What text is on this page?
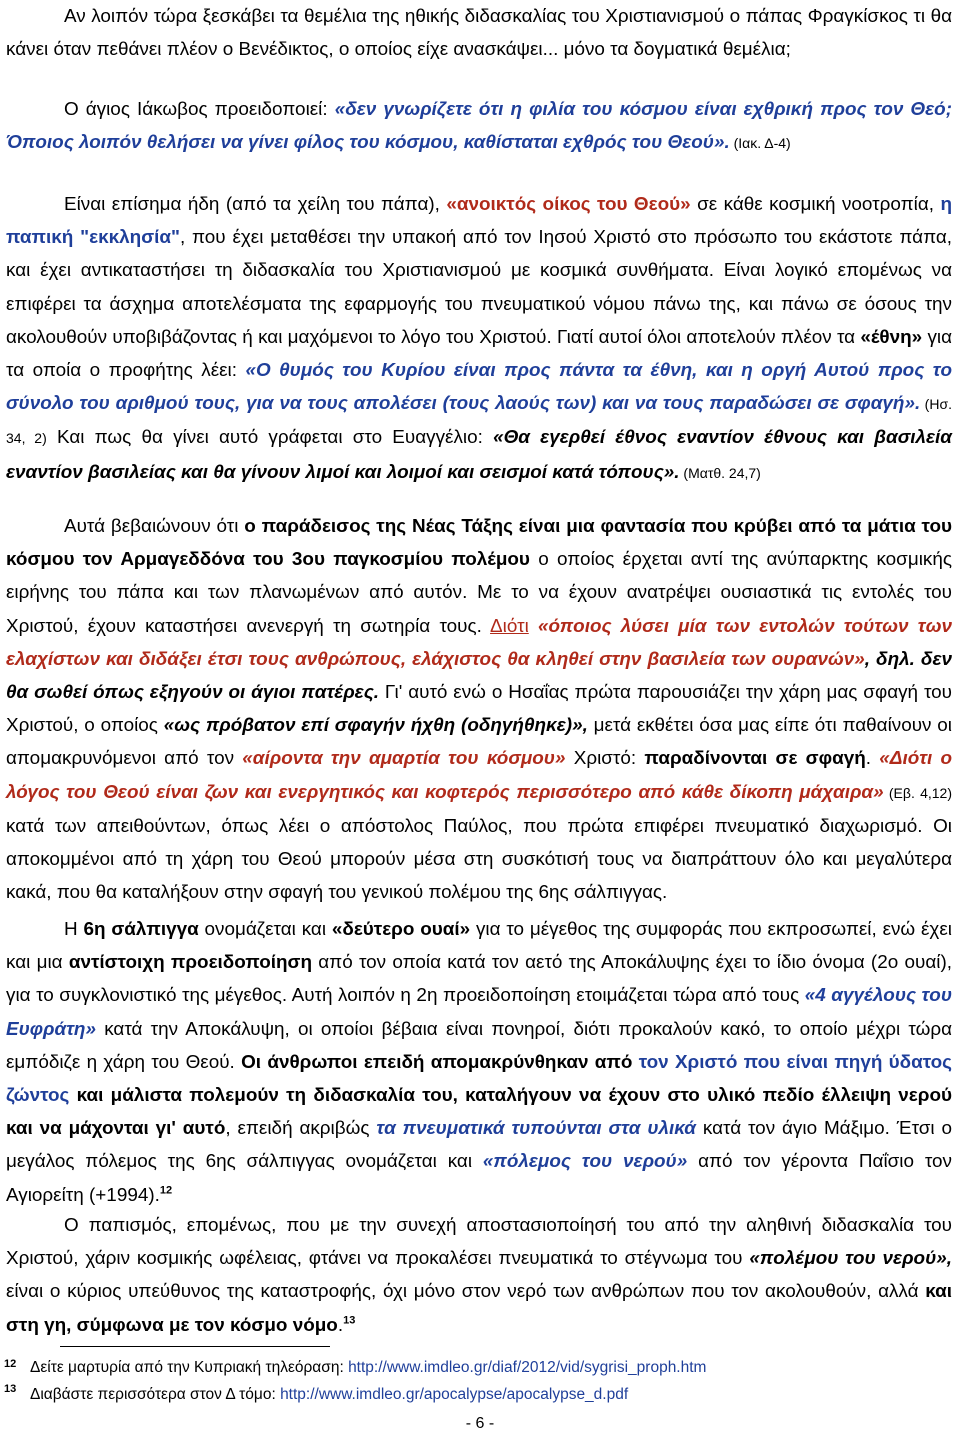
Αν λοιπόν τώρα ξεσκάβει τα θεμέλια της ηθικής διδασκαλίας του Χριστιανισμού ο πάπας Φραγκίσκος τι θα κάνει όταν πεθάνει πλέον ο Βενέδικτος, ο οποίος είχε ανασκάψει... μόνο τα δογματικά θεμέλια;

Ο άγιος Ιάκωβος προειδοποιεί: «δεν γνωρίζετε ότι η φιλία του κόσμου είναι εχθρική προς τον Θεό; Όποιος λοιπόν θελήσει να γίνει φίλος του κόσμου, καθίσταται εχθρός του Θεού». (Ιακ. Δ-4)

Είναι επίσημα ήδη (από τα χείλη του πάπα), «ανοικτός οίκος του Θεού» σε κάθε κοσμική νοοτροπία, η παπική "εκκλησία", που έχει μεταθέσει την υπακοή από τον Ιησού Χριστό στο πρόσωπο του εκάστοτε πάπα, και έχει αντικαταστήσει τη διδασκαλία του Χριστιανισμού με κοσμικά συνθήματα. Είναι λογικό επομένως να επιφέρει τα άσχημα αποτελέσματα της εφαρμογής του πνευματικού νόμου πάνω της, και πάνω σε όσους την ακολουθούν υποβιβάζοντας ή και μαχόμενοι το λόγο του Χριστού. Γιατί αυτοί όλοι αποτελούν πλέον τα «έθνη» για τα οποία ο προφήτης λέει: «Ο θυμός του Κυρίου είναι προς πάντα τα έθνη, και η οργή Αυτού προς το σύνολο του αριθμού τους, για να τους απολέσει (τους λαούς των) και να τους παραδώσει σε σφαγή». (Ησ. 34, 2) Και πως θα γίνει αυτό γράφεται στο Ευαγγέλιο: «Θα εγερθεί έθνος εναντίον έθνους και βασιλεία εναντίον βασιλείας και θα γίνουν λιμοί και λοιμοί και σεισμοί κατά τόπους». (Ματθ. 24,7)

Αυτά βεβαιώνουν ότι ο παράδεισος της Νέας Τάξης είναι μια φαντασία που κρύβει από τα μάτια του κόσμου τον Αρμαγεδδόνα του 3ου παγκοσμίου πολέμου ο οποίος έρχεται αντί της ανύπαρκτης κοσμικής ειρήνης του πάπα και των πλανωμένων από αυτόν. Με το να έχουν ανατρέψει ουσιαστικά τις εντολές του Χριστού, έχουν καταστήσει ανενεργή τη σωτηρία τους. Διότι «όποιος λύσει μία των εντολών τούτων των ελαχίστων και διδάξει έτσι τους ανθρώπους, ελάχιστος θα κληθεί στην βασιλεία των ουρανών», δηλ. δεν θα σωθεί όπως εξηγούν οι άγιοι πατέρες. Γι' αυτό ενώ ο Ησαΐας πρώτα παρουσιάζει την χάρη μας σφαγή του Χριστού, ο οποίος «ως πρόβατον επί σφαγήν ήχθη (οδηγήθηκε)», μετά εκθέτει όσα μας είπε ότι παθαίνουν οι απομακρυνόμενοι από τον «αίροντα την αμαρτία του κόσμου» Χριστό: παραδίνονται σε σφαγή. «Διότι ο λόγος του Θεού είναι ζων και ενεργητικός και κοφτερός περισσότερο από κάθε δίκοπη μάχαιρα» (Εβ. 4,12) κατά των απειθούντων, όπως λέει ο απόστολος Παύλος, που πρώτα επιφέρει πνευματικό διαχωρισμό. Οι αποκομμένοι από τη χάρη του Θεού μπορούν μέσα στη συσκότισή τους να διαπράττουν όλο και μεγαλύτερα κακά, που θα καταλήξουν στην σφαγή του γενικού πολέμου της 6ης σάλπιγγας.

Η 6η σάλπιγγα ονομάζεται και «δεύτερο ουαί» για το μέγεθος της συμφοράς που εκπροσωπεί, ενώ έχει και μια αντίστοιχη προειδοποίηση από τον οποία κατά τον αετό της Αποκάλυψης έχει το ίδιο όνομα (2ο ουαί), για το συγκλονιστικό της μέγεθος. Αυτή λοιπόν η 2η προειδοποίηση ετοιμάζεται τώρα από τους «4 αγγέλους του Ευφράτη» κατά την Αποκάλυψη, οι οποίοι βέβαια είναι πονηροί, διότι προκαλούν κακό, το οποίο μέχρι τώρα εμπόδιζε η χάρη του Θεού. Οι άνθρωποι επειδή απομακρύνθηκαν από τον Χριστό που είναι πηγή ύδατος ζώντος και μάλιστα πολεμούν τη διδασκαλία του, καταλήγουν να έχουν στο υλικό πεδίο έλλειψη νερού και να μάχονται γι' αυτό, επειδή ακριβώς τα πνευματικά τυπούνται στα υλικά κατά τον άγιο Μάξιμο. Έτσι ο μεγάλος πόλεμος της 6ης σάλπιγγας ονομάζεται και «πόλεμος του νερού» από τον γέροντα Παΐσιο τον Αγιορείτη (+1994).$^{12}$

Ο παπισμός, επομένως, που με την συνεχή αποστασιοποίησή του από την αληθινή διδασκαλία του Χριστού, χάριν κοσμικής ωφέλειας, φτάνει να προκαλέσει πνευματικά το στέγνωμα του «πολέμου του νερού», είναι ο κύριος υπεύθυνος της καταστροφής, όχι μόνο στον νερό των ανθρώπων που τον ακολουθούν, αλλά και στη γη, σύμφωνα με τον κόσμο νόμο.$^{13}$

12 Δείτε μαρτυρία από την Κυπριακή τηλεόραση: http://www.imdleo.gr/diaf/2012/vid/sygrisi_proph.htm
13 Διαβάστε περισσότερα στον Δ τόμο: http://www.imdleo.gr/apocalypse/apocalypse_d.pdf
- 6 -
